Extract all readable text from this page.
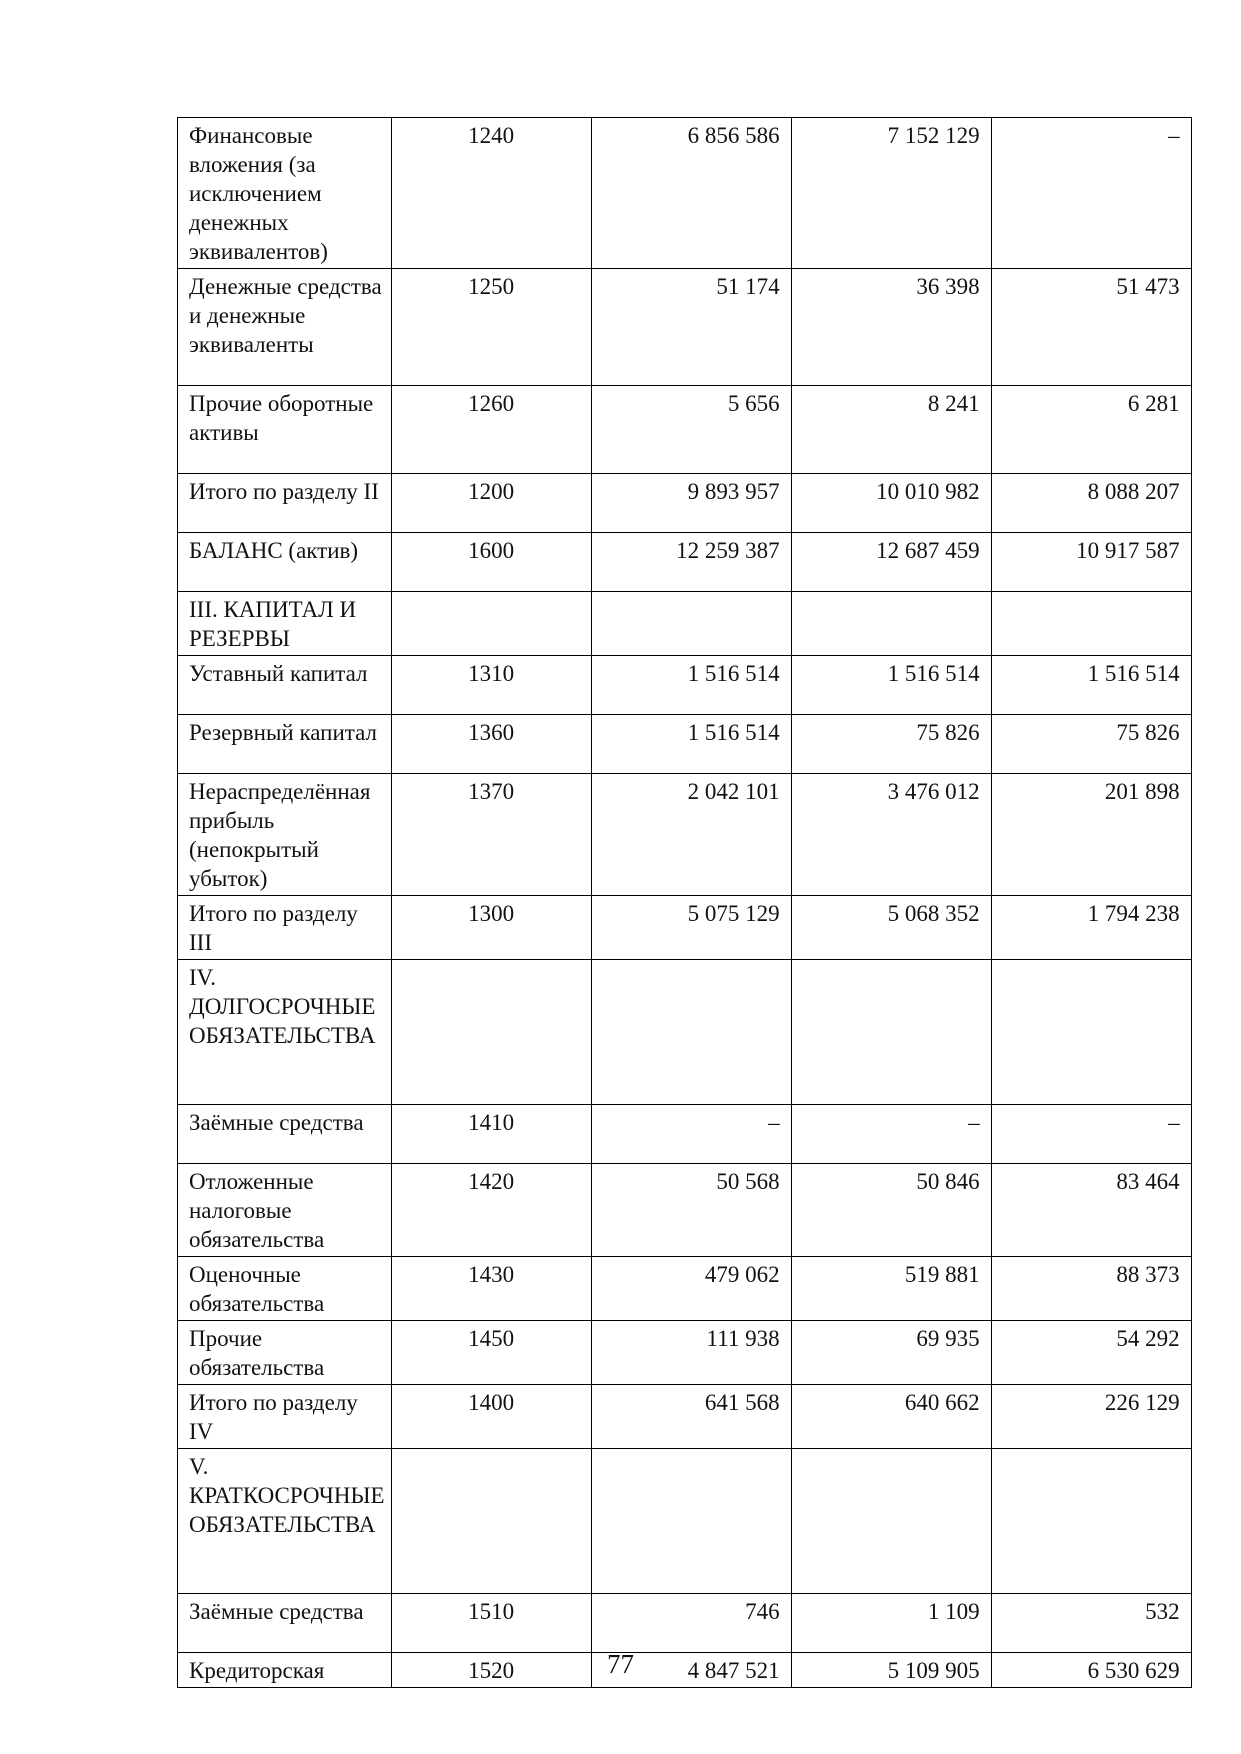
Финансовые вложения (за исключением денежных эквивалентов)	1240	6 856 586	7 152 129	–
Денежные средства и денежные эквиваленты	1250	51 174	36 398	51 473
Прочие оборотные активы	1260	5 656	8 241	6 281
Итого по разделу II	1200	9 893 957	10 010 982	8 088 207
БАЛАНС (актив)	1600	12 259 387	12 687 459	10 917 587
III. КАПИТАЛ И РЕЗЕРВЫ				
Уставный капитал	1310	1 516 514	1 516 514	1 516 514
Резервный капитал	1360	1 516 514	75 826	75 826
Нераспределённая прибыль (непокрытый убыток)	1370	2 042 101	3 476 012	201 898
Итого по разделу III	1300	5 075 129	5 068 352	1 794 238
IV. ДОЛГОСРОЧНЫЕ ОБЯЗАТЕЛЬСТВА				
Заёмные средства	1410	–	–	–
Отложенные налоговые обязательства	1420	50 568	50 846	83 464
Оценочные обязательства	1430	479 062	519 881	88 373
Прочие обязательства	1450	111 938	69 935	54 292
Итого по разделу IV	1400	641 568	640 662	226 129
V. КРАТКОСРОЧНЫЕ ОБЯЗАТЕЛЬСТВА				
Заёмные средства	1510	746	1 109	532
Кредиторская	1520	4 847 521	5 109 905	6 530 629
77
